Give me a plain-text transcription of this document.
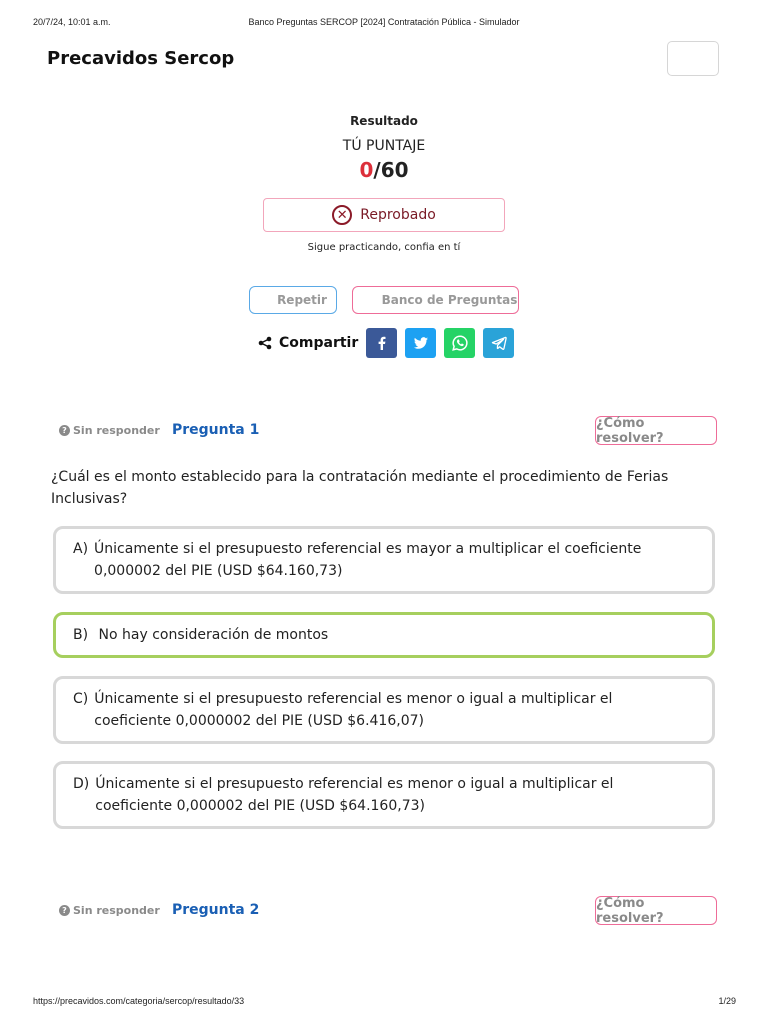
20/7/24, 10:01 a.m.	Banco Preguntas SERCOP [2024] Contratación Pública - Simulador
Precavidos Sercop
Resultado
TÚ PUNTAJE
0/60
✕ Reprobado
Sigue practicando, confia en tí
Repetir	Banco de Preguntas
Compartir
? Sin responder Pregunta 1	¿Cómo resolver?
¿Cuál es el monto establecido para la contratación mediante el procedimiento de Ferias Inclusivas?
A) Únicamente si el presupuesto referencial es mayor a multiplicar el coeficiente 0,000002 del PIE (USD $64.160,73)
B) No hay consideración de montos
C) Únicamente si el presupuesto referencial es menor o igual a multiplicar el coeficiente 0,0000002 del PIE (USD $6.416,07)
D) Únicamente si el presupuesto referencial es menor o igual a multiplicar el coeficiente 0,000002 del PIE (USD $64.160,73)
? Sin responder Pregunta 2	¿Cómo resolver?
https://precavidos.com/categoria/sercop/resultado/33	1/29
